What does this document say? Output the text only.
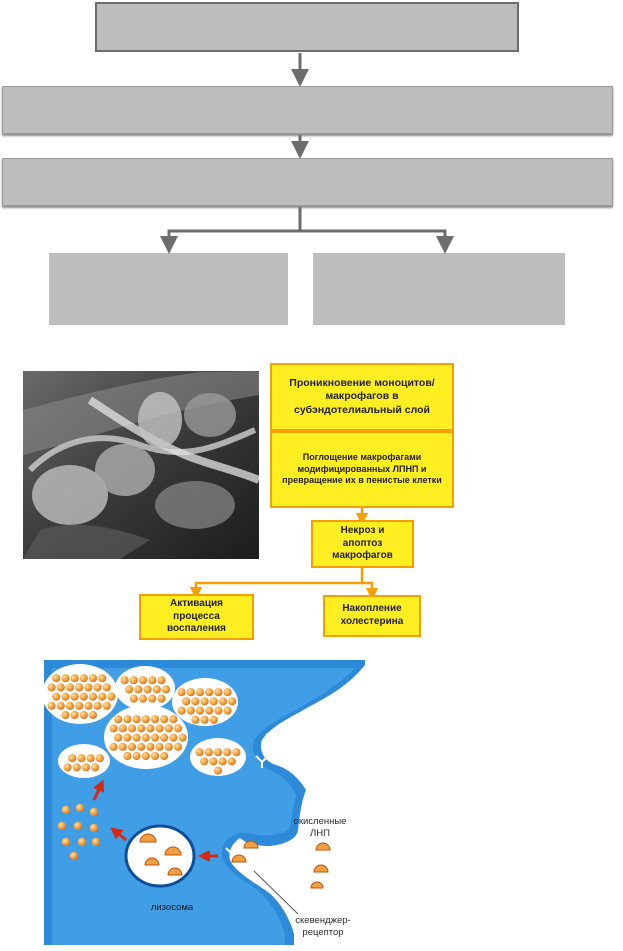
Проникновение моноцитов/макрофагов в субэндотелиальный слой
Поглощение макрофагами модифицированных ЛПНП и превращение их в пенистые клетки
Некроз и апоптоз макрофагов
Активация процесса воспаления
Накопление холестерина
окисленные ЛНП
лизосома
скевенджер-рецептор
